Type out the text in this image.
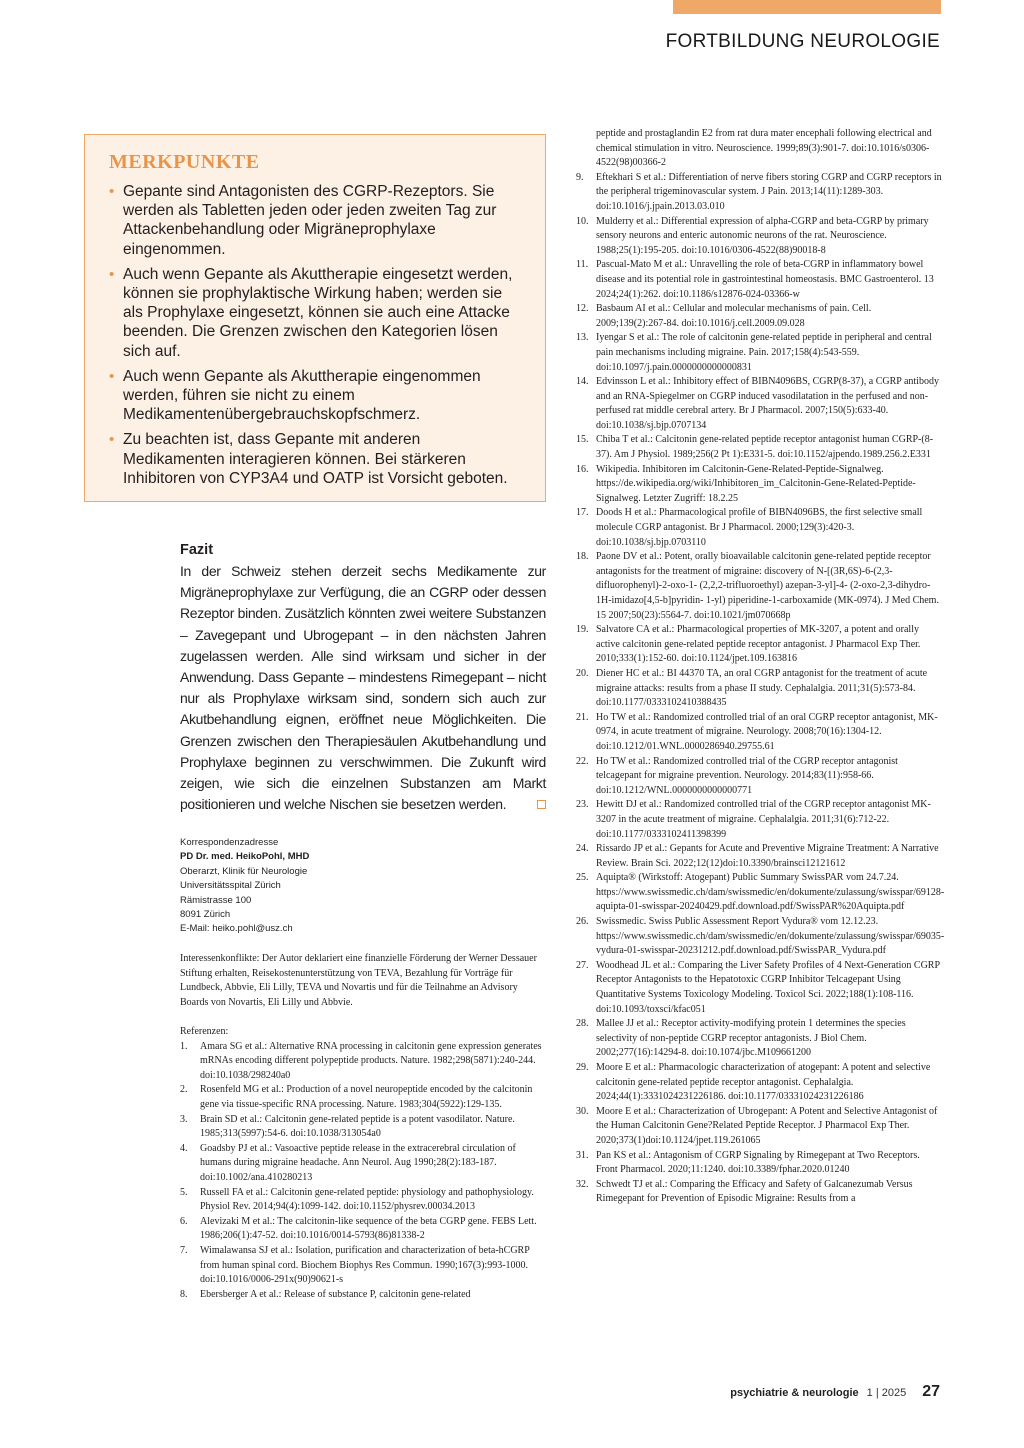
FORTBILDUNG NEUROLOGIE
MERKPUNKTE
• Gepante sind Antagonisten des CGRP-Rezeptors. Sie werden als Tabletten jeden oder jeden zweiten Tag zur Attackenbehandlung oder Migräneprophylaxe eingenommen.
• Auch wenn Gepante als Akuttherapie eingesetzt werden, können sie prophylaktische Wirkung haben; werden sie als Prophylaxe eingesetzt, können sie auch eine Attacke beenden. Die Grenzen zwischen den Kategorien lösen sich auf.
• Auch wenn Gepante als Akuttherapie eingenommen werden, führen sie nicht zu einem Medikamentenübergebrauchskopfschmerz.
• Zu beachten ist, dass Gepante mit anderen Medikamenten interagieren können. Bei stärkeren Inhibitoren von CYP3A4 und OATP ist Vorsicht geboten.
Fazit

In der Schweiz stehen derzeit sechs Medikamente zur Migräneprophylaxe zur Verfügung, die an CGRP oder dessen Rezeptor binden. Zusätzlich könnten zwei weitere Substanzen – Zavegepant und Ubrogepant – in den nächsten Jahren zugelassen werden. Alle sind wirksam und sicher in der Anwendung. Dass Gepante – mindestens Rimegepant – nicht nur als Prophylaxe wirksam sind, sondern sich auch zur Akutbehandlung eignen, eröffnet neue Möglichkeiten. Die Grenzen zwischen den Therapiesäulen Akutbehandlung und Prophylaxe beginnen zu verschwimmen. Die Zukunft wird zeigen, wie sich die einzelnen Substanzen am Markt positionieren und welche Nischen sie besetzen werden.

Korrespondenzadresse
PD Dr. med. HeikoPohl, MHD
Oberarzt, Klinik für Neurologie
Universitätsspital Zürich
Rämistrasse 100
8091 Zürich
E-Mail: heiko.pohl@usz.ch
Interessenkonflikte: Der Autor deklariert eine finanzielle Förderung der Werner Dessauer Stiftung erhalten, Reisekostenunterstützung von TEVA, Bezahlung für Vorträge für Lundbeck, Abbvie, Eli Lilly, TEVA und Novartis und für die Teilnahme an Advisory Boards von Novartis, Eli Lilly und Abbvie.
Referenzen:
1. Amara SG et al.: Alternative RNA processing in calcitonin gene expression generates mRNAs encoding different polypeptide products. Nature. 1982;298(5871):240-244. doi:10.1038/298240a0
2. Rosenfeld MG et al.: Production of a novel neuropeptide encoded by the calcitonin gene via tissue-specific RNA processing. Nature. 1983;304(5922):129-135.
3. Brain SD et al.: Calcitonin gene-related peptide is a potent vasodilator. Nature. 1985;313(5997):54-6. doi:10.1038/313054a0
4. Goadsby PJ et al.: Vasoactive peptide release in the extracerebral circulation of humans during migraine headache. Ann Neurol. Aug 1990;28(2):183-187. doi:10.1002/ana.410280213
5. Russell FA et al.: Calcitonin gene-related peptide: physiology and pathophysiology. Physiol Rev. 2014;94(4):1099-142. doi:10.1152/physrev.00034.2013
6. Alevizaki M et al.: The calcitonin-like sequence of the beta CGRP gene. FEBS Lett. 1986;206(1):47-52. doi:10.1016/0014-5793(86)81338-2
7. Wimalawansa SJ et al.: Isolation, purification and characterization of beta-hCGRP from human spinal cord. Biochem Biophys Res Commun. 1990;167(3):993-1000. doi:10.1016/0006-291x(90)90621-s
8. Ebersberger A et al.: Release of substance P, calcitonin gene-related
peptide and prostaglandin E2 from rat dura mater encephali following electrical and chemical stimulation in vitro. Neuroscience. 1999;89(3):901-7. doi:10.1016/s0306-4522(98)00366-2
9. Eftekhari S et al.: Differentiation of nerve fibers storing CGRP and CGRP receptors in the peripheral trigeminovascular system. J Pain. 2013;14(11):1289-303. doi:10.1016/j.jpain.2013.03.010
10. Mulderry et al.: Differential expression of alpha-CGRP and beta-CGRP by primary sensory neurons and enteric autonomic neurons of the rat. Neuroscience. 1988;25(1):195-205. doi:10.1016/0306-4522(88)90018-8
11. Pascual-Mato M et al.: Unravelling the role of beta-CGRP in inflammatory bowel disease and its potential role in gastrointestinal homeostasis. BMC Gastroenterol. 13 2024;24(1):262. doi:10.1186/s12876-024-03366-w
12. Basbaum AI et al.: Cellular and molecular mechanisms of pain. Cell. 2009;139(2):267-84. doi:10.1016/j.cell.2009.09.028
13. Iyengar S et al.: The role of calcitonin gene-related peptide in peripheral and central pain mechanisms including migraine. Pain. 2017;158(4):543-559. doi:10.1097/j.pain.0000000000000831
14. Edvinsson L et al.: Inhibitory effect of BIBN4096BS, CGRP(8-37), a CGRP antibody and an RNA-Spiegelmer on CGRP induced vasodilatation in the perfused and non-perfused rat middle cerebral artery. Br J Pharmacol. 2007;150(5):633-40. doi:10.1038/sj.bjp.0707134
15. Chiba T et al.: Calcitonin gene-related peptide receptor antagonist human CGRP-(8-37). Am J Physiol. 1989;256(2 Pt 1):E331-5. doi:10.1152/ajpendo.1989.256.2.E331
16. Wikipedia. Inhibitoren im Calcitonin-Gene-Related-Peptide-Signalweg. https://de.wikipedia.org/wiki/Inhibitoren_im_Calcitonin-Gene-Related-Peptide-Signalweg. Letzter Zugriff: 18.2.25
17. Doods H et al.: Pharmacological profile of BIBN4096BS, the first selective small molecule CGRP antagonist. Br J Pharmacol. 2000;129(3):420-3. doi:10.1038/sj.bjp.0703110
18. Paone DV et al.: Potent, orally bioavailable calcitonin gene-related peptide receptor antagonists for the treatment of migraine: discovery of N-[(3R,6S)-6-(2,3-difluorophenyl)-2-oxo-1- (2,2,2-trifluoroethyl) azepan-3-yl]-4- (2-oxo-2,3-dihydro-1H-imidazo[4,5-b]pyridin- 1-yl) piperidine-1-carboxamide (MK-0974). J Med Chem. 15 2007;50(23):5564-7. doi:10.1021/jm070668p
19. Salvatore CA et al.: Pharmacological properties of MK-3207, a potent and orally active calcitonin gene-related peptide receptor antagonist. J Pharmacol Exp Ther. 2010;333(1):152-60. doi:10.1124/jpet.109.163816
20. Diener HC et al.: BI 44370 TA, an oral CGRP antagonist for the treatment of acute migraine attacks: results from a phase II study. Cephalalgia. 2011;31(5):573-84. doi:10.1177/0333102410388435
21. Ho TW et al.: Randomized controlled trial of an oral CGRP receptor antagonist, MK-0974, in acute treatment of migraine. Neurology. 2008;70(16):1304-12. doi:10.1212/01.WNL.0000286940.29755.61
22. Ho TW et al.: Randomized controlled trial of the CGRP receptor antagonist telcagepant for migraine prevention. Neurology. 2014;83(11):958-66. doi:10.1212/WNL.0000000000000771
23. Hewitt DJ et al.: Randomized controlled trial of the CGRP receptor antagonist MK-3207 in the acute treatment of migraine. Cephalalgia. 2011;31(6):712-22. doi:10.1177/0333102411398399
24. Rissardo JP et al.: Gepants for Acute and Preventive Migraine Treatment: A Narrative Review. Brain Sci. 2022;12(12)doi:10.3390/brainsci12121612
25. Aquipta® (Wirkstoff: Atogepant) Public Summary SwissPAR vom 24.7.24. https://www.swissmedic.ch/dam/swissmedic/en/dokumente/zulassung/swisspar/69128-aquipta-01-swisspar-20240429.pdf.download.pdf/SwissPAR%20Aquipta.pdf
26. Swissmedic. Swiss Public Assessment Report Vydura® vom 12.12.23. https://www.swissmedic.ch/dam/swissmedic/en/dokumente/zulassung/swisspar/69035-vydura-01-swisspar-20231212.pdf.download.pdf/SwissPAR_Vydura.pdf
27. Woodhead JL et al.: Comparing the Liver Safety Profiles of 4 Next-Generation CGRP Receptor Antagonists to the Hepatotoxic CGRP Inhibitor Telcagepant Using Quantitative Systems Toxicology Modeling. Toxicol Sci. 2022;188(1):108-116. doi:10.1093/toxsci/kfac051
28. Mallee JJ et al.: Receptor activity-modifying protein 1 determines the species selectivity of non-peptide CGRP receptor antagonists. J Biol Chem. 2002;277(16):14294-8. doi:10.1074/jbc.M109661200
29. Moore E et al.: Pharmacologic characterization of atogepant: A potent and selective calcitonin gene-related peptide receptor antagonist. Cephalalgia. 2024;44(1):3331024231226186. doi:10.1177/03331024231226186
30. Moore E et al.: Characterization of Ubrogepant: A Potent and Selective Antagonist of the Human Calcitonin Gene?Related Peptide Receptor. J Pharmacol Exp Ther. 2020;373(1)doi:10.1124/jpet.119.261065
31. Pan KS et al.: Antagonism of CGRP Signaling by Rimegepant at Two Receptors. Front Pharmacol. 2020;11:1240. doi:10.3389/fphar.2020.01240
32. Schwedt TJ et al.: Comparing the Efficacy and Safety of Galcanezumab Versus Rimegepant for Prevention of Episodic Migraine: Results from a
psychiatrie & neurologie 1 | 2025 27
